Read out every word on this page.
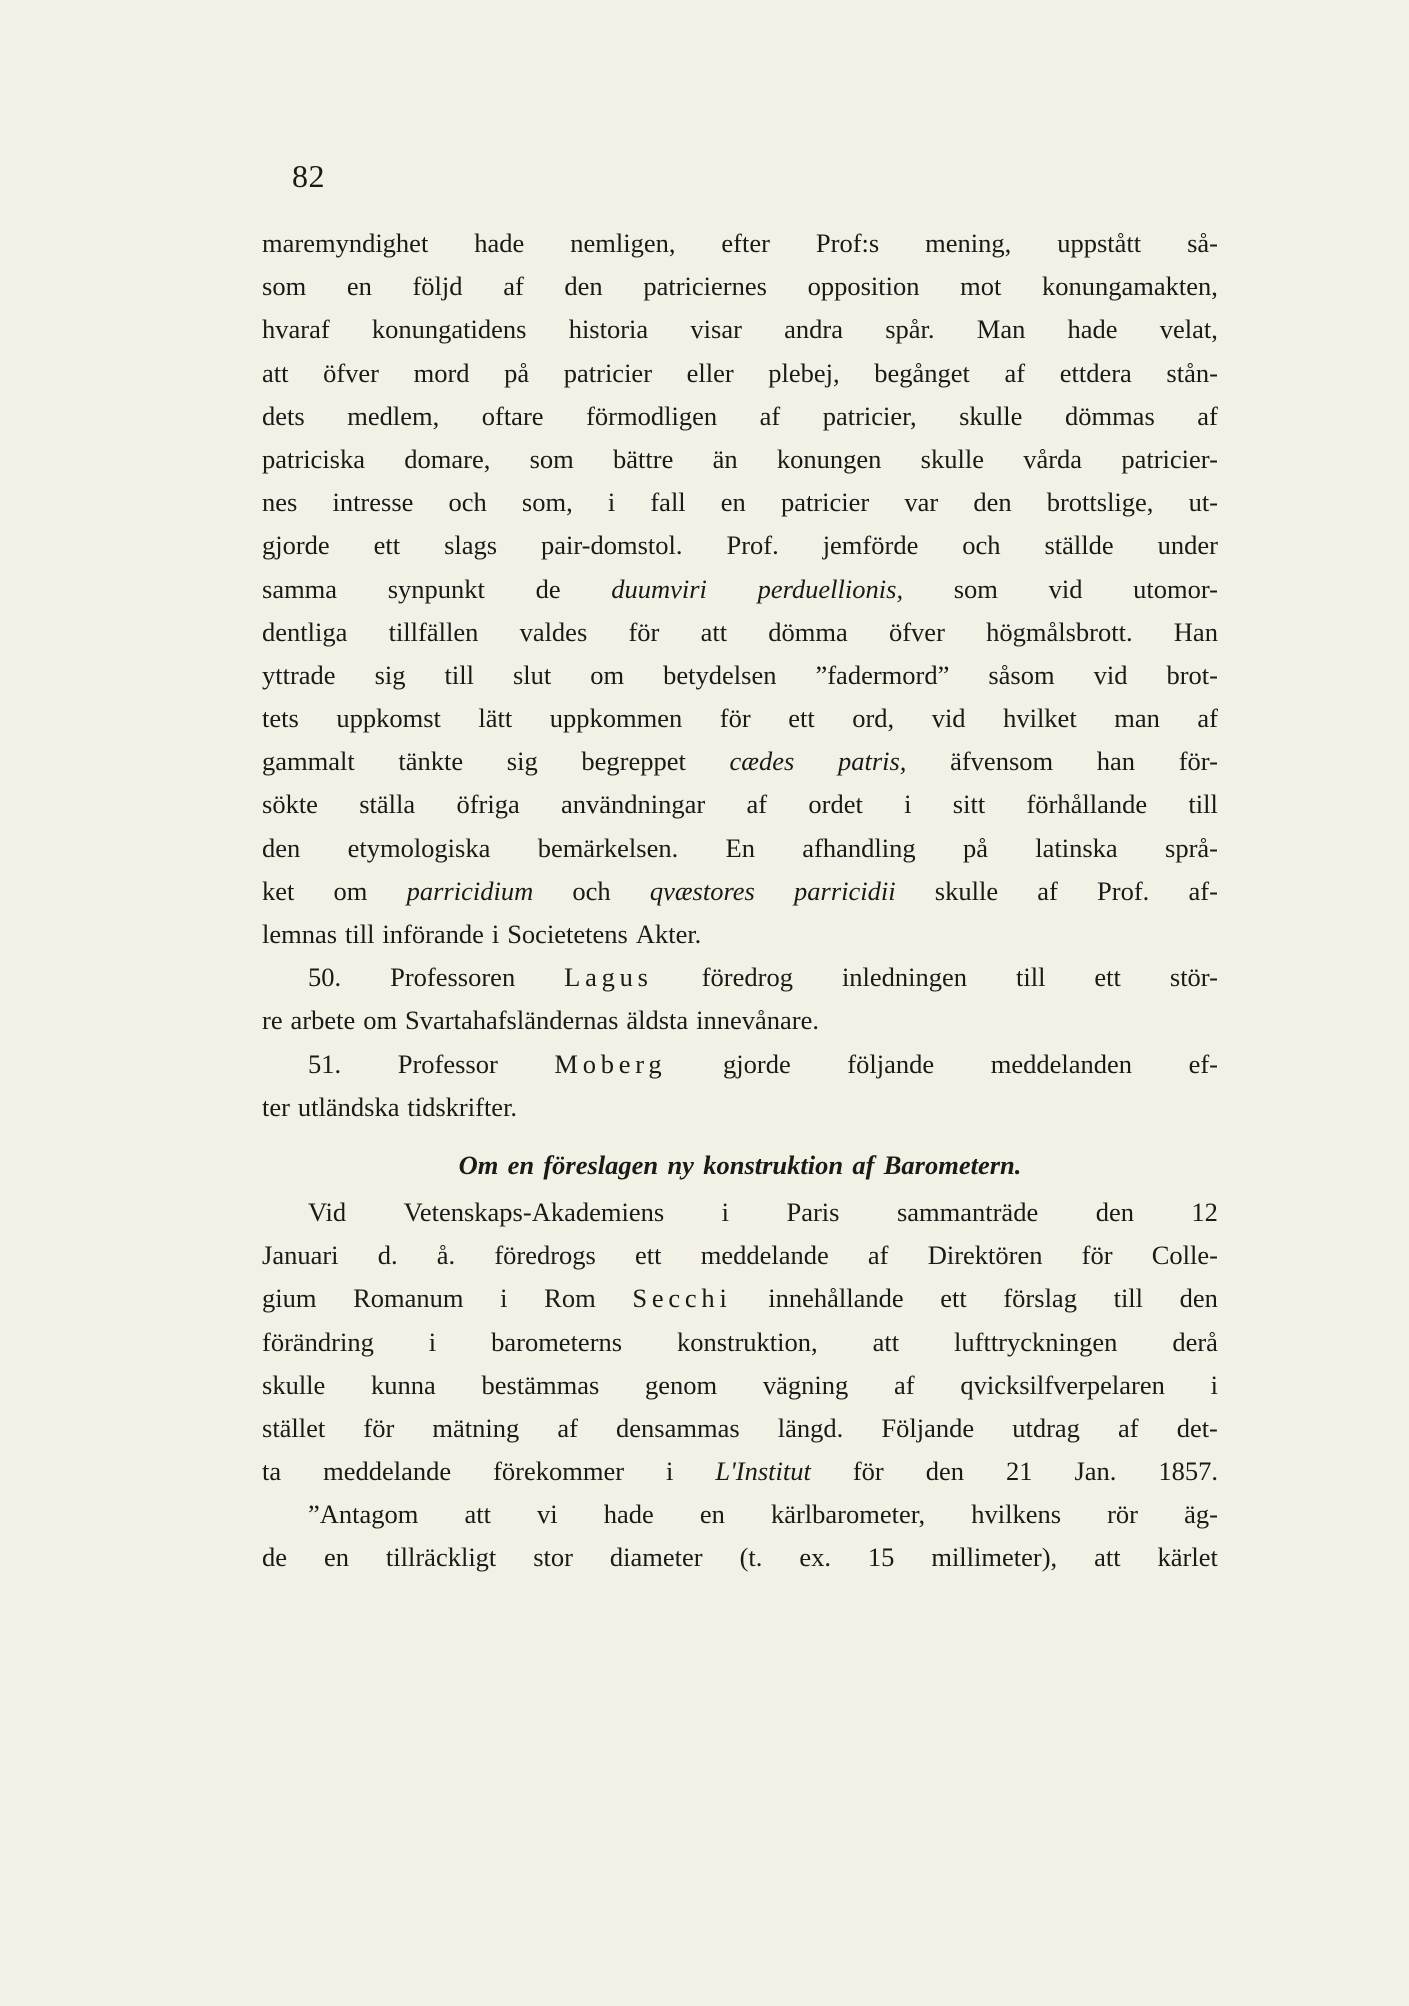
82
maremyndighet hade nemligen, efter Prof:s mening, uppstått så-
som en följd af den patriciernes opposition mot konungamakten,
hvaraf konungatidens historia visar andra spår. Man hade velat,
att öfver mord på patricier eller plebej, begånget af ettdera stån-
dets medlem, oftare förmodligen af patricier, skulle dömmas af
patriciska domare, som bättre än konungen skulle vårda patricier-
nes intresse och som, i fall en patricier var den brottslige, ut-
gjorde ett slags pair-domstol. Prof. jemförde och ställde under
samma synpunkt de duumviri perduellionis, som vid utomor-
dentliga tillfällen valdes för att dömma öfver högmålsbrott. Han
yttrade sig till slut om betydelsen ”fadermord” såsom vid brot-
tets uppkomst lätt uppkommen för ett ord, vid hvilket man af
gammalt tänkte sig begreppet cædes patris, äfvensom han för-
sökte ställa öfriga användningar af ordet i sitt förhållande till
den etymologiska bemärkelsen. En afhandling på latinska språ-
ket om parricidium och qvæstores parricidii skulle af Prof. af-
lemnas till införande i Societetens Akter.
50. Professoren Lagus föredrog inledningen till ett stör-
re arbete om Svartahafsländernas äldsta innevånare.
51. Professor Moberg gjorde följande meddelanden ef-
ter utländska tidskrifter.
Om en föreslagen ny konstruktion af Barometern.
Vid Vetenskaps-Akademiens i Paris sammanträde den 12
Januari d. å. föredrogs ett meddelande af Direktören för Colle-
gium Romanum i Rom Secchi innehållande ett förslag till den
förändring i barometerns konstruktion, att lufttryckningen derå
skulle kunna bestämmas genom vägning af qvicksilfverpelaren i
stället för mätning af densammas längd. Följande utdrag af det-
ta meddelande förekommer i L'Institut för den 21 Jan. 1857.
”Antagom att vi hade en kärlbarometer, hvilkens rör äg-
de en tillräckligt stor diameter (t. ex. 15 millimeter), att kärlet
